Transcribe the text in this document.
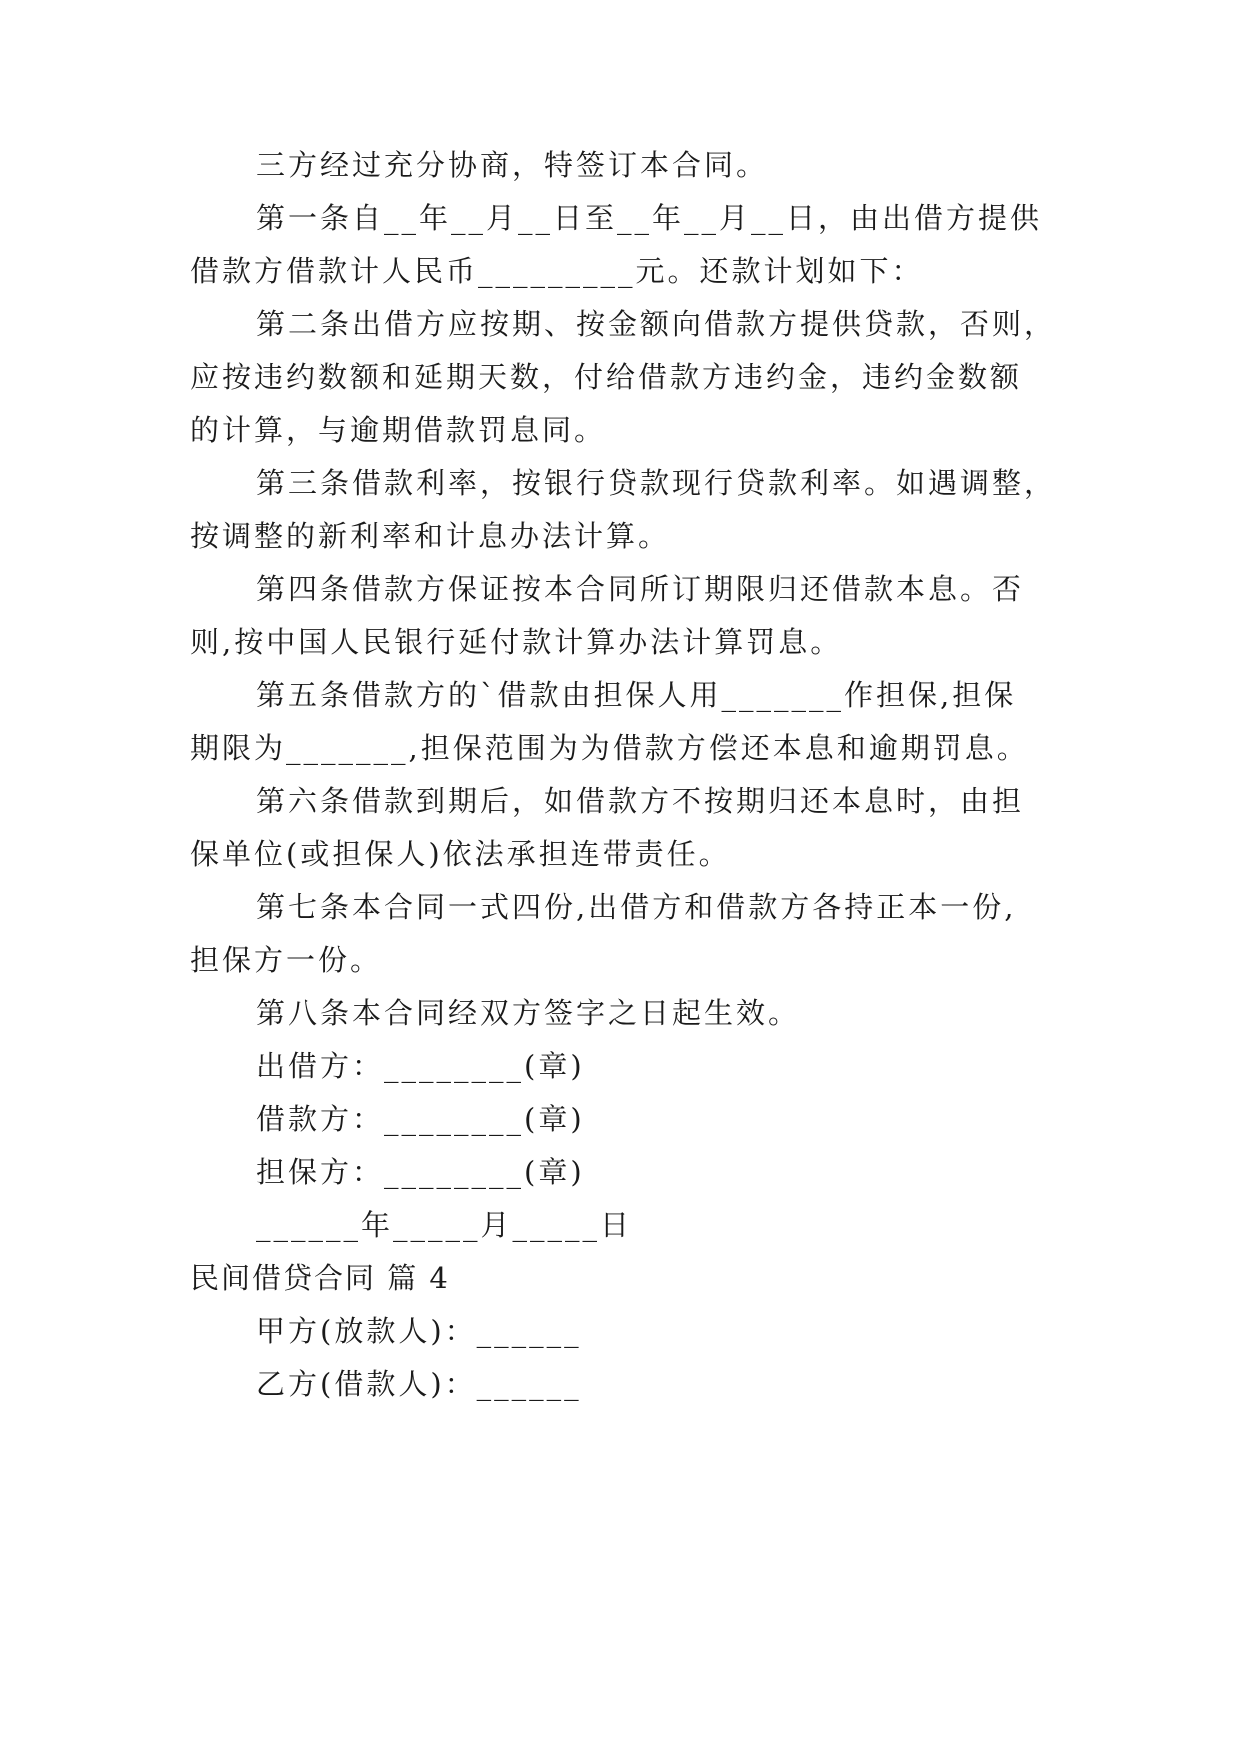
三方经过充分协商，特签订本合同。
第一条自__年__月__日至__年__月__日，由出借方提供
借款方借款计人民币_________元。还款计划如下：
第二条出借方应按期、按金额向借款方提供贷款，否则，
应按违约数额和延期天数，付给借款方违约金，违约金数额
的计算，与逾期借款罚息同。
第三条借款利率，按银行贷款现行贷款利率。如遇调整，
按调整的新利率和计息办法计算。
第四条借款方保证按本合同所订期限归还借款本息。否
则,按中国人民银行延付款计算办法计算罚息。
第五条借款方的`借款由担保人用_______作担保,担保
期限为_______,担保范围为为借款方偿还本息和逾期罚息。
第六条借款到期后，如借款方不按期归还本息时，由担
保单位(或担保人)依法承担连带责任。
第七条本合同一式四份,出借方和借款方各持正本一份,
担保方一份。
第八条本合同经双方签字之日起生效。
出借方：________(章)
借款方：________(章)
担保方：________(章)
______年_____月_____日
民间借贷合同 篇 4
甲方(放款人)：______
乙方(借款人)：______
